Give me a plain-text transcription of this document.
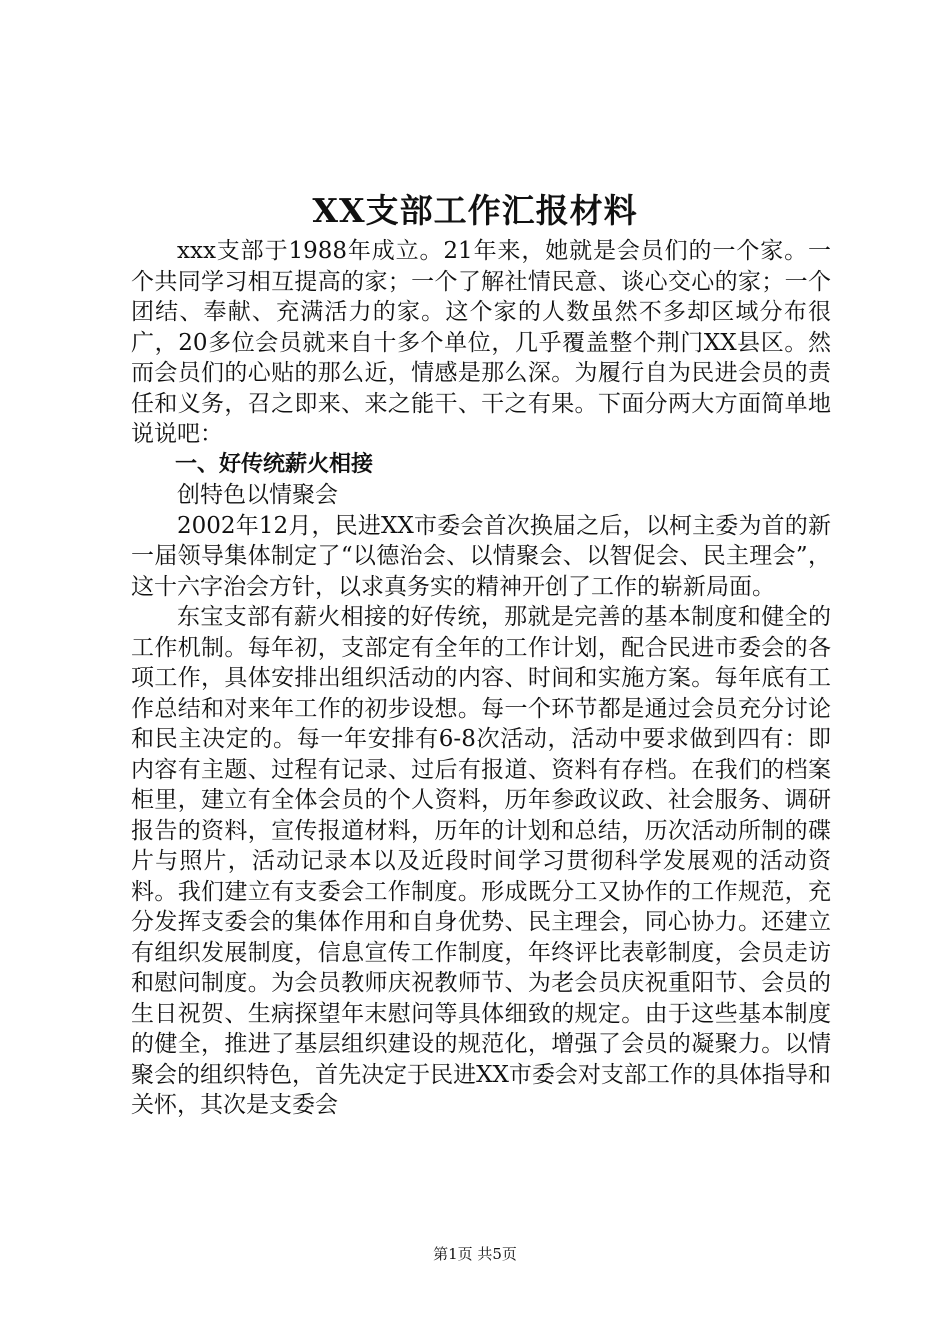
XX支部工作汇报材料

xxx支部于1988年成立。21年来，她就是会员们的一个家。一个共同学习相互提高的家；一个了解社情民意、谈心交心的家；一个团结、奉献、充满活力的家。这个家的人数虽然不多却区域分布很广，20多位会员就来自十多个单位，几乎覆盖整个荆门XX县区。然而会员们的心贴的那么近，情感是那么深。为履行自为民进会员的责任和义务，召之即来、来之能干、干之有果。下面分两大方面简单地说说吧：

一、好传统薪火相接

创特色以情聚会

2002年12月，民进XX市委会首次换届之后，以柯主委为首的新一届领导集体制定了“以德治会、以情聚会、以智促会、民主理会”，这十六字治会方针，以求真务实的精神开创了工作的崭新局面。

东宝支部有薪火相接的好传统，那就是完善的基本制度和健全的工作机制。每年初，支部定有全年的工作计划，配合民进市委会的各项工作，具体安排出组织活动的内容、时间和实施方案。每年底有工作总结和对来年工作的初步设想。每一个环节都是通过会员充分讨论和民主决定的。每一年安排有6-8次活动，活动中要求做到四有：即内容有主题、过程有记录、过后有报道、资料有存档。在我们的档案柜里，建立有全体会员的个人资料，历年参政议政、社会服务、调研报告的资料，宣传报道材料，历年的计划和总结，历次活动所制的碟片与照片，活动记录本以及近段时间学习贯彻科学发展观的活动资料。我们建立有支委会工作制度。形成既分工又协作的工作规范，充分发挥支委会的集体作用和自身优势、民主理会，同心协力。还建立有组织发展制度，信息宣传工作制度，年终评比表彰制度，会员走访和慰问制度。为会员教师庆祝教师节、为老会员庆祝重阳节、会员的生日祝贺、生病探望年末慰问等具体细致的规定。由于这些基本制度的健全，推进了基层组织建设的规范化，增强了会员的凝聚力。以情聚会的组织特色，首先决定于民进XX市委会对支部工作的具体指导和关怀，其次是支委会

第1页 共5页
